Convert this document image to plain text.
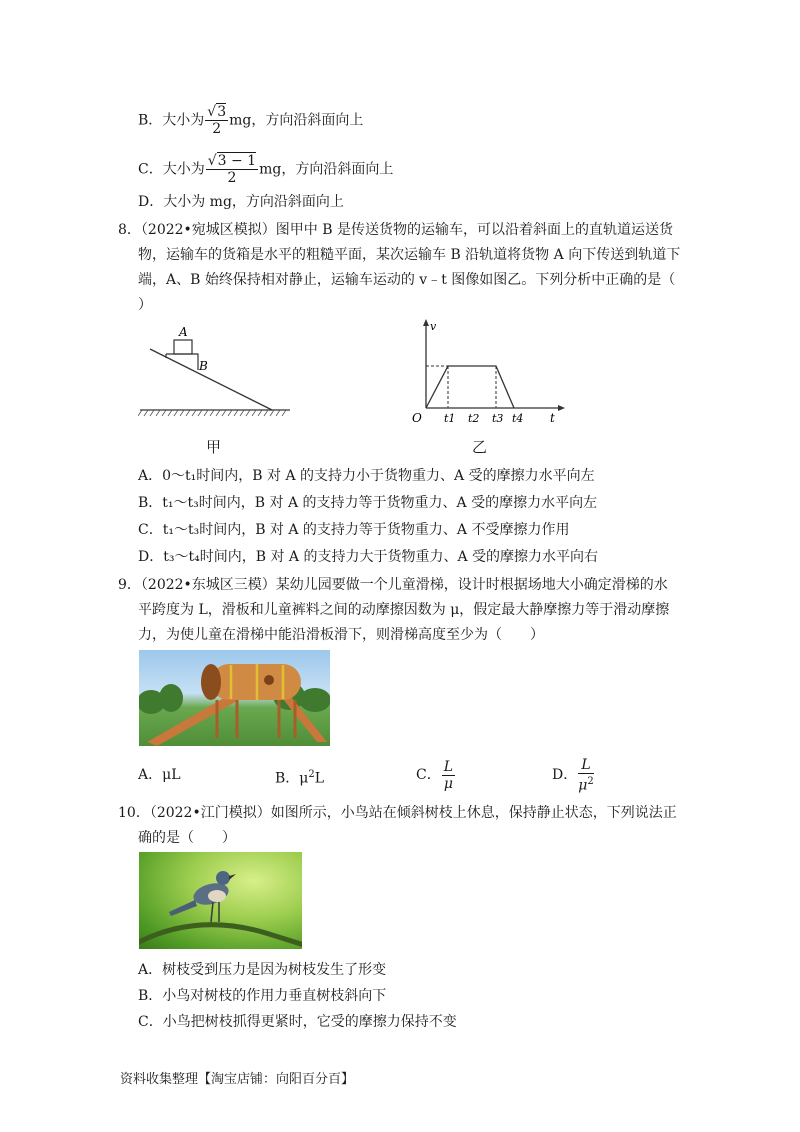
B．大小为 $\frac{√3}{2}$ mg，方向沿斜面向上
C．大小为 $\frac{√3 - 1}{2}$ mg，方向沿斜面向上
D．大小为 mg，方向沿斜面向上
8．（2022•宛城区模拟）图甲中 B 是传送货物的运输车，可以沿着斜面上的直轨道运送货
物，运输车的货箱是水平的粗糙平面，某次运输车 B 沿轨道将货物 A 向下传送到轨道下
端，A、B 始终保持相对静止，运输车运动的 v﹣t 图像如图乙。下列分析中正确的是（
）
A
B
甲
v
t
O t1 t2 t3 t4
乙
A．0～t₁时间内，B 对 A 的支持力小于货物重力、A 受的摩擦力水平向左
B．t₁～t₃时间内，B 对 A 的支持力等于货物重力、A 受的摩擦力水平向左
C．t₁～t₃时间内，B 对 A 的支持力等于货物重力、A 不受摩擦力作用
D．t₃～t₄时间内，B 对 A 的支持力大于货物重力、A 受的摩擦力水平向右
9．（2022•东城区三模）某幼儿园要做一个儿童滑梯，设计时根据场地大小确定滑梯的水
平跨度为 L，滑板和儿童裤料之间的动摩擦因数为 μ，假定最大静摩擦力等于滑动摩擦
力，为使儿童在滑梯中能沿滑板滑下，则滑梯高度至少为（　　）
A．μL	B．$\mu^2L$	C． $\frac{L}{\mu}$	D． $\frac{L}{\mu^2}$
10．（2022•江门模拟）如图所示，小鸟站在倾斜树枝上休息，保持静止状态，下列说法正
确的是（　　）
A．树枝受到压力是因为树枝发生了形变
B．小鸟对树枝的作用力垂直树枝斜向下
C．小鸟把树枝抓得更紧时，它受的摩擦力保持不变
资料收集整理【淘宝店铺：向阳百分百】
